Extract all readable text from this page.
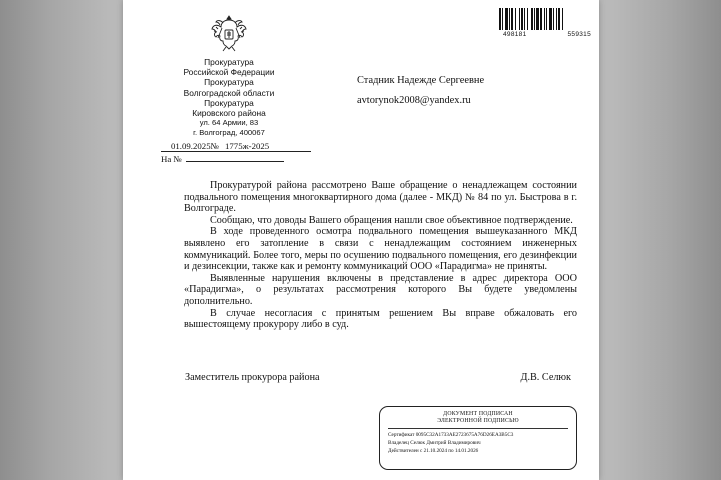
Прокуратура
Российской Федерации
Прокуратура
Волгоградской области
Прокуратура
Кировского района
ул. 64 Армии, 83
г. Волгоград, 400067
498181	559315
Стадник Надежде Сергеевне
avtorynok2008@yandex.ru
01.09.2025№ 1775ж-2025
На №

Прокуратурой района рассмотрено Ваше обращение о ненадлежащем состоянии подвального помещения многоквартирного дома (далее - МКД) № 84 по ул. Быстрова в г. Волгограде.

Сообщаю, что доводы Вашего обращения нашли свое объективное подтверждение.

В ходе проведенного осмотра подвального помещения вышеуказанного МКД выявлено его затопление в связи с ненадлежащим состоянием инженерных коммуникаций. Более того, меры по осушению подвального помещения, его дезинфекции и дезинсекции, также как и ремонту коммуникаций ООО «Парадигма» не приняты.

Выявленные нарушения включены в представление в адрес директора ООО «Парадигма», о результатах рассмотрения которого Вы будете уведомлены дополнительно.

В случае несогласия с принятым решением Вы вправе обжаловать его вышестоящему прокурору либо в суд.

Заместитель прокурора района	Д.В. Селюк
ДОКУМЕНТ ПОДПИСАН
ЭЛЕКТРОННОЙ ПОДПИСЬЮ
Сертификат 0095C32A1733AE2723675A76D26EA3B5C3
Владелец Селюк Дмитрий Владимирович
Действителен с 21.10.2024 по 14.01.2026
